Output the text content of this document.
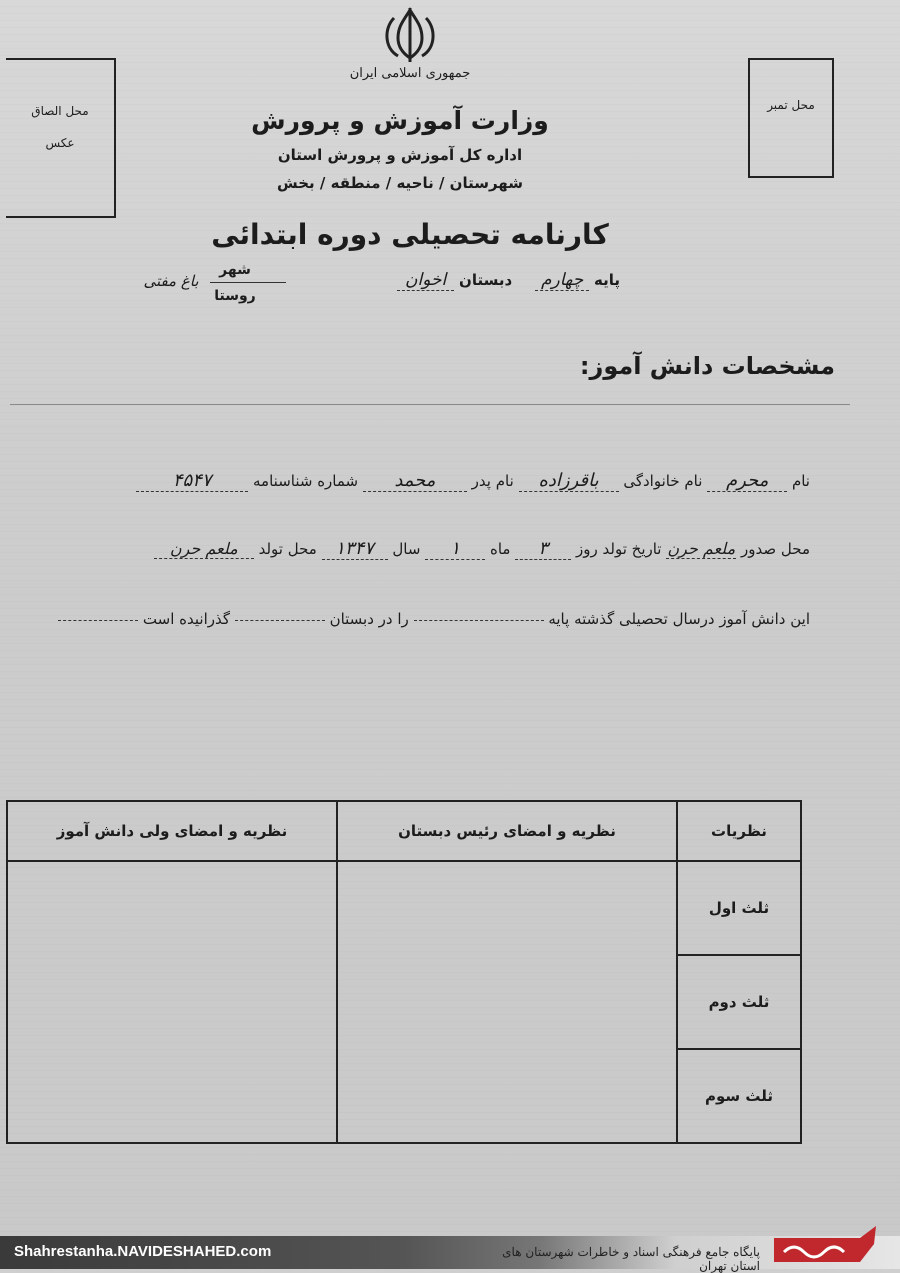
جمهوری اسلامی ایران
محل الصاق
عکس
محل تمبر
وزارت آموزش و پرورش
اداره کل آموزش و پرورش استان
شهرستان / ناحیه / منطقه / بخش
کارنامه تحصیلی دوره ابتدائی
پایه چهارم دبستان اخوان
شهر
روستا
باغ مفتی
مشخصات دانش آموز:
نام محرم نام خانوادگی باقرزاده نام پدر محمد شماره شناسنامه ۴۵۴۷
محل صدور ملعم حرن تاریخ تولد روز ۳ ماه ۱ سال ۱۳۴۷ محل تولد ملعم حرن
این دانش آموز درسال تحصیلی گذشته پایه  را در دبستان  گذرانیده است
نظریات	نظریه و امضای رئیس دبستان	نظریه و امضای ولی دانش آموز
ثلث اول		
ثلث دوم		
ثلث سوم		
Shahrestanha.NAVIDESHAHED.com	پایگاه جامع فرهنگی اسناد و خاطرات شهرستان های استان تهران
